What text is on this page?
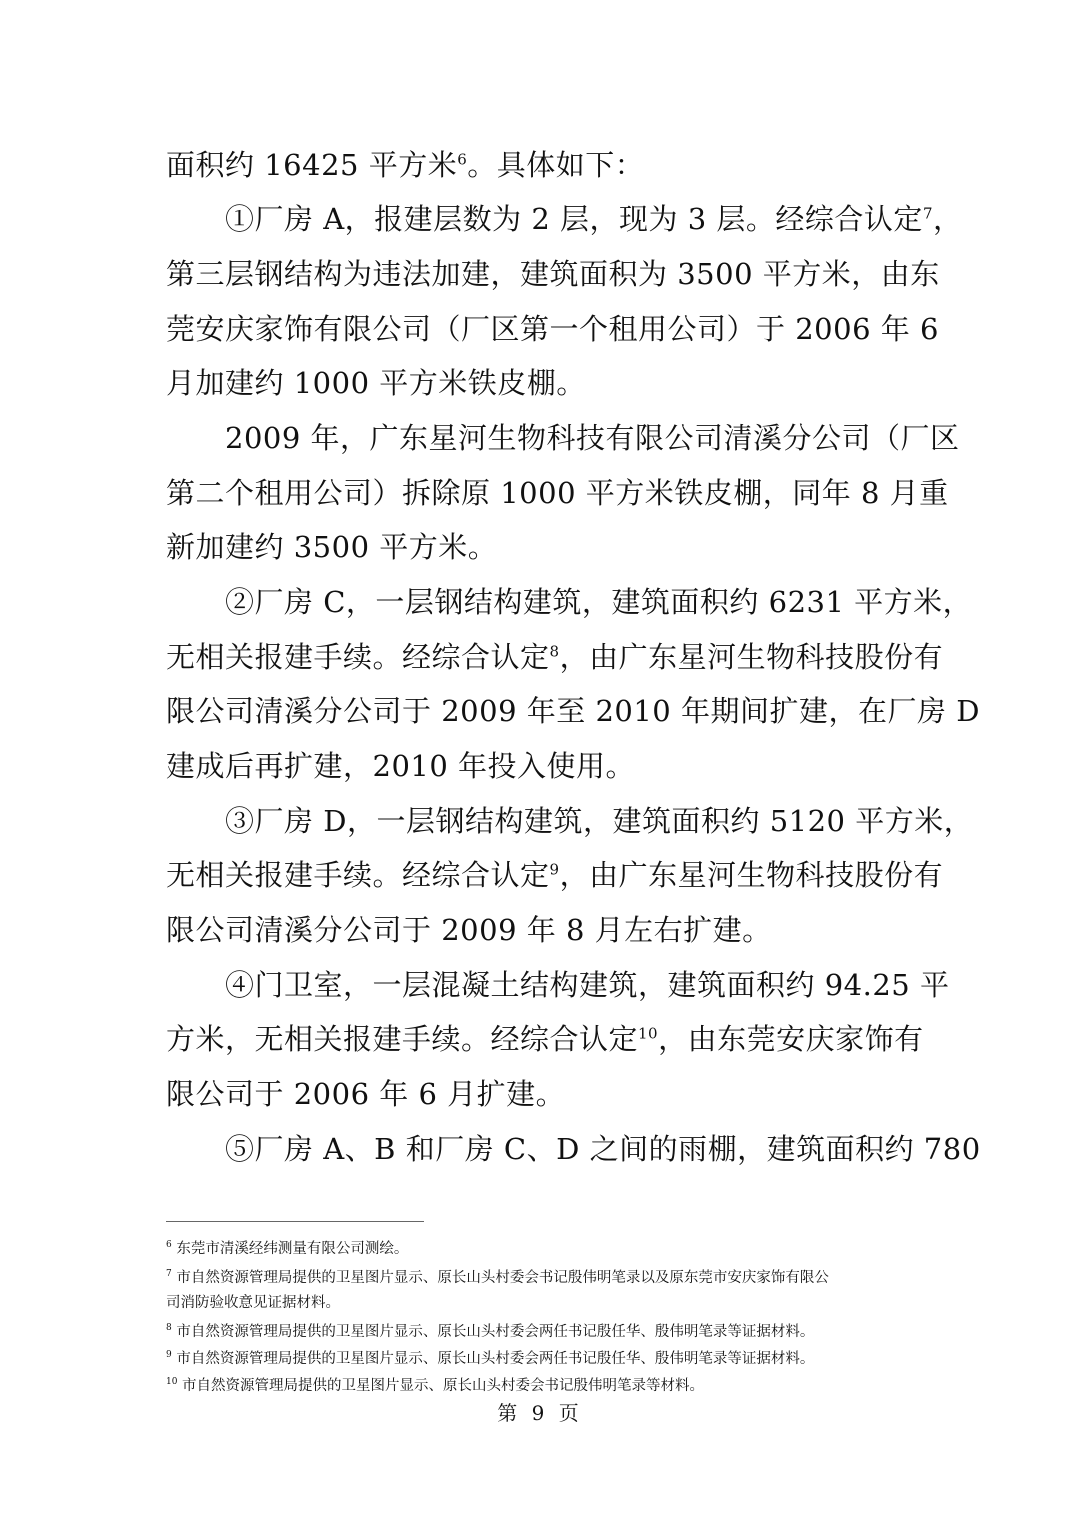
面积约 16425 平方米$^6$。具体如下：
　　①厂房 A，报建层数为 2 层，现为 3 层。经综合认定$^7$，
第三层钢结构为违法加建，建筑面积为 3500 平方米，由东
莞安庆家饰有限公司（厂区第一个租用公司）于 2006 年 6
月加建约 1000 平方米铁皮棚。
　　2009 年，广东星河生物科技有限公司清溪分公司（厂区
第二个租用公司）拆除原 1000 平方米铁皮棚，同年 8 月重
新加建约 3500 平方米。
　　②厂房 C，一层钢结构建筑，建筑面积约 6231 平方米，
无相关报建手续。经综合认定$^8$，由广东星河生物科技股份有
限公司清溪分公司于 2009 年至 2010 年期间扩建，在厂房 D
建成后再扩建，2010 年投入使用。
　　③厂房 D，一层钢结构建筑，建筑面积约 5120 平方米，
无相关报建手续。经综合认定$^9$，由广东星河生物科技股份有
限公司清溪分公司于 2009 年 8 月左右扩建。
　　④门卫室，一层混凝土结构建筑，建筑面积约 94.25 平
方米，无相关报建手续。经综合认定$^{10}$，由东莞安庆家饰有
限公司于 2006 年 6 月扩建。
　　⑤厂房 A、B 和厂房 C、D 之间的雨棚，建筑面积约 780
$^6$ 东莞市清溪经纬测量有限公司测绘。
$^7$ 市自然资源管理局提供的卫星图片显示、原长山头村委会书记殷伟明笔录以及原东莞市安庆家饰有限公
司消防验收意见证据材料。
$^8$ 市自然资源管理局提供的卫星图片显示、原长山头村委会两任书记殷任华、殷伟明笔录等证据材料。
$^9$ 市自然资源管理局提供的卫星图片显示、原长山头村委会两任书记殷任华、殷伟明笔录等证据材料。
$^{10}$ 市自然资源管理局提供的卫星图片显示、原长山头村委会书记殷伟明笔录等材料。
第 9 页
